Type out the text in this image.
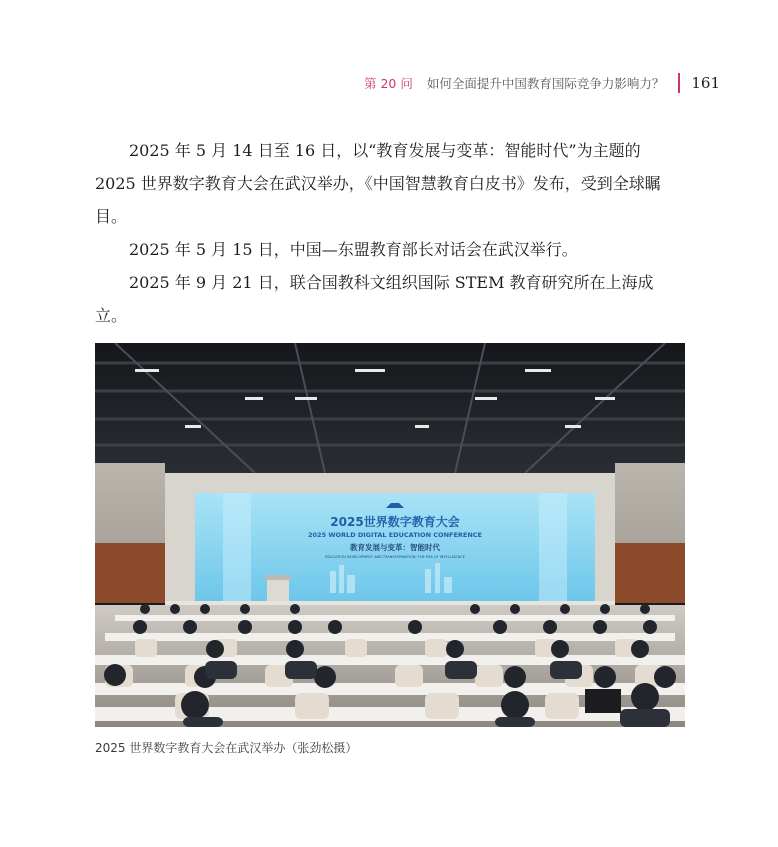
第 20 问 如何全面提升中国教育国际竞争力影响力？ 161

2025 年 5 月 14 日至 16 日，以“教育发展与变革：智能时代”为主题的 2025 世界数字教育大会在武汉举办，《中国智慧教育白皮书》发布，受到全球瞩目。

2025 年 5 月 15 日，中国—东盟教育部长对话会在武汉举行。

2025 年 9 月 21 日，联合国教科文组织国际 STEM 教育研究所在上海成立。

2025世界数字教育大会
2025 WORLD DIGITAL EDUCATION CONFERENCE
教育发展与变革：智能时代
EDUCATION DEVELOPMENT AND TRANSFORMATION: THE ERA OF INTELLIGENCE
2025 世界数字教育大会在武汉举办（张劲松摄）
